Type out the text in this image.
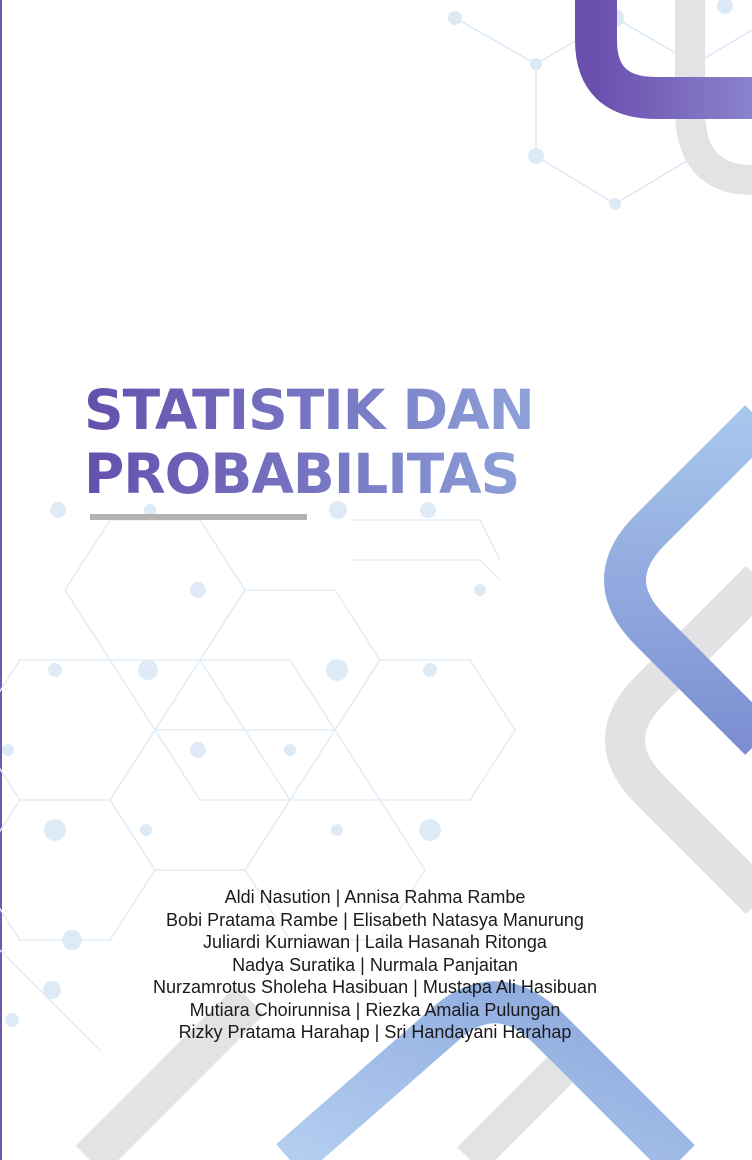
STATISTIK DAN
PROBABILITAS
Aldi Nasution | Annisa Rahma Rambe
Bobi Pratama Rambe | Elisabeth Natasya Manurung
Juliardi Kurniawan | Laila Hasanah Ritonga
Nadya Suratika | Nurmala Panjaitan
Nurzamrotus Sholeha Hasibuan | Mustapa Ali Hasibuan
Mutiara Choirunnisa | Riezka Amalia Pulungan
Rizky Pratama Harahap | Sri Handayani Harahap
